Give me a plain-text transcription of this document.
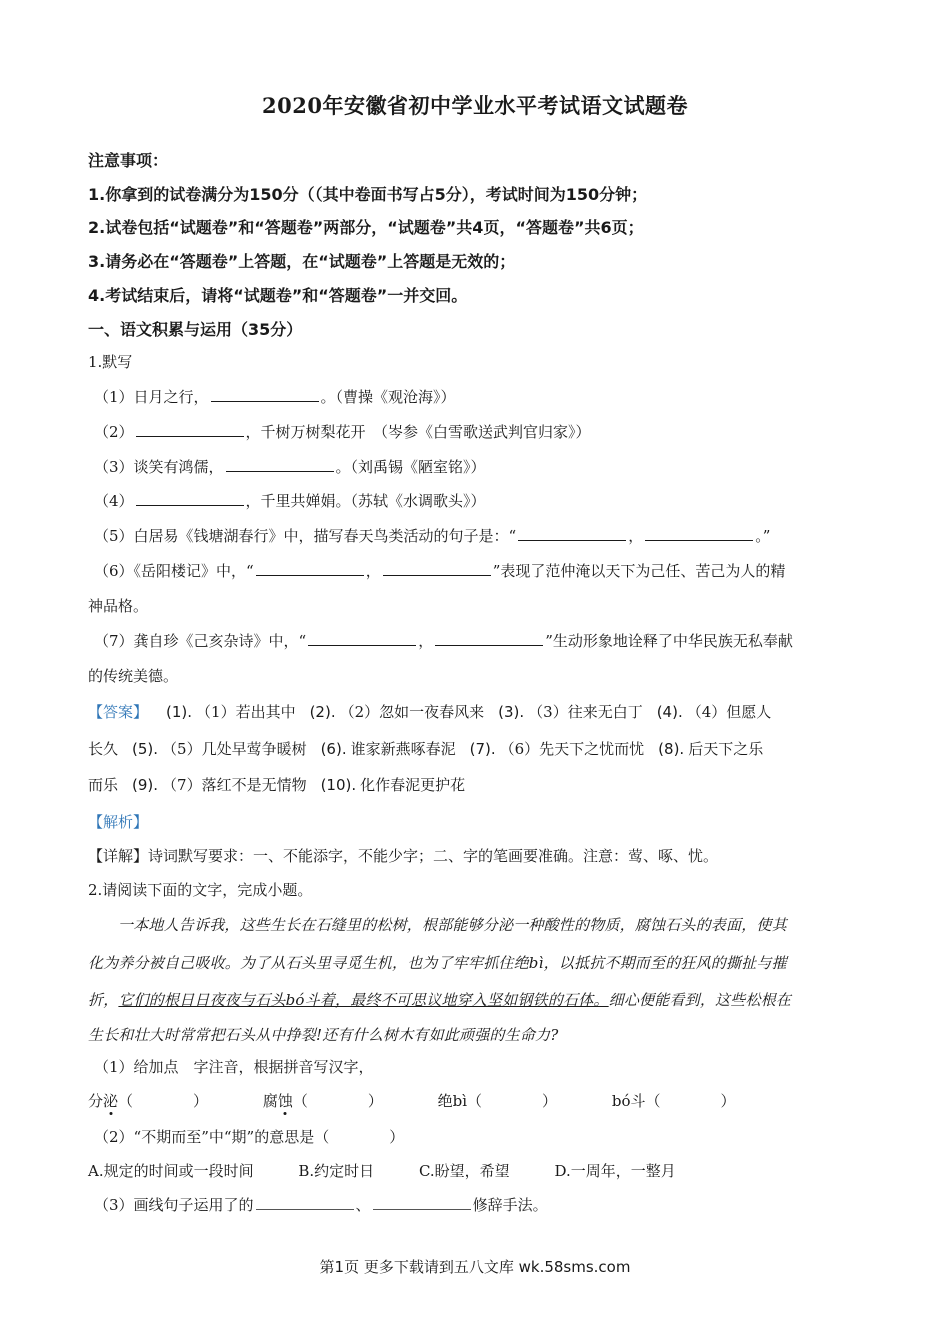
2020年安徽省初中学业水平考试语文试题卷
注意事项：
1.你拿到的试卷满分为150分（（其中卷面书写占5分），考试时间为150分钟；
2.试卷包括“试题卷”和“答题卷”两部分，“试题卷”共4页，“答题卷”共6页；
3.请务必在“答题卷”上答题，在“试题卷”上答题是无效的；
4.考试结束后，请将“试题卷”和“答题卷”一并交回。
一、语文积累与运用（35分）
1.默写
（1）日月之行，	。（曹操《观沧海》）
（2）	，千树万树梨花开　（岑参《白雪歌送武判官归家》）
（3）谈笑有鸿儒，	。（刘禹锡《陋室铭》）
（4）	，千里共婵娟。（苏轼《水调歌头》）
（5）白居易《钱塘湖春行》中，描写春天鸟类活动的句子是：“	，	。”
（6）《岳阳楼记》中，“	，	”表现了范仲淹以天下为己任、苦己为人的精
神品格。
（7）龚自珍《己亥杂诗》中，“	，	”生动形象地诠释了中华民族无私奉献
的传统美德。
【答案】 (1). （1）若出其中 (2). （2）忽如一夜春风来 (3). （3）往来无白丁 (4). （4）但愿人
长久 (5). （5）几处早莺争暖树 (6). 谁家新燕啄春泥 (7). （6）先天下之忧而忧 (8). 后天下之乐
而乐 (9). （7）落红不是无情物 (10). 化作春泥更护花
【解析】
【详解】诗词默写要求：一、不能添字，不能少字；二、字的笔画要准确。注意：莺、啄、忧。
2.请阅读下面的文字，完成小题。
一本地人告诉我，这些生长在石缝里的松树，根部能够分泌一种酸性的物质，腐蚀石头的表面，使其
化为养分被自己吸收。为了从石头里寻觅生机，也为了牢牢抓住绝bì，以抵抗不期而至的狂风的撕扯与摧
折，它们的根日日夜夜与石头bó斗着，最终不可思议地穿入坚如钢铁的石体。细心便能看到，这些松根在
生长和壮大时常常把石头从中挣裂!还有什么树木有如此顽强的生命力?
（1）给加点　字注音，根据拼音写汉字，
分泌（　　　　）	腐蚀（　　　　）	绝bì（　　　　）	bó斗（　　　　）
（2）“不期而至”中“期”的意思是（　　　　）
A.规定的时间或一段时间	B.约定时日	C.盼望，希望	D.一周年，一整月
（3）画线句子运用了的	、	修辞手法。
第1页 更多下载请到五八文库 wk.58sms.com
